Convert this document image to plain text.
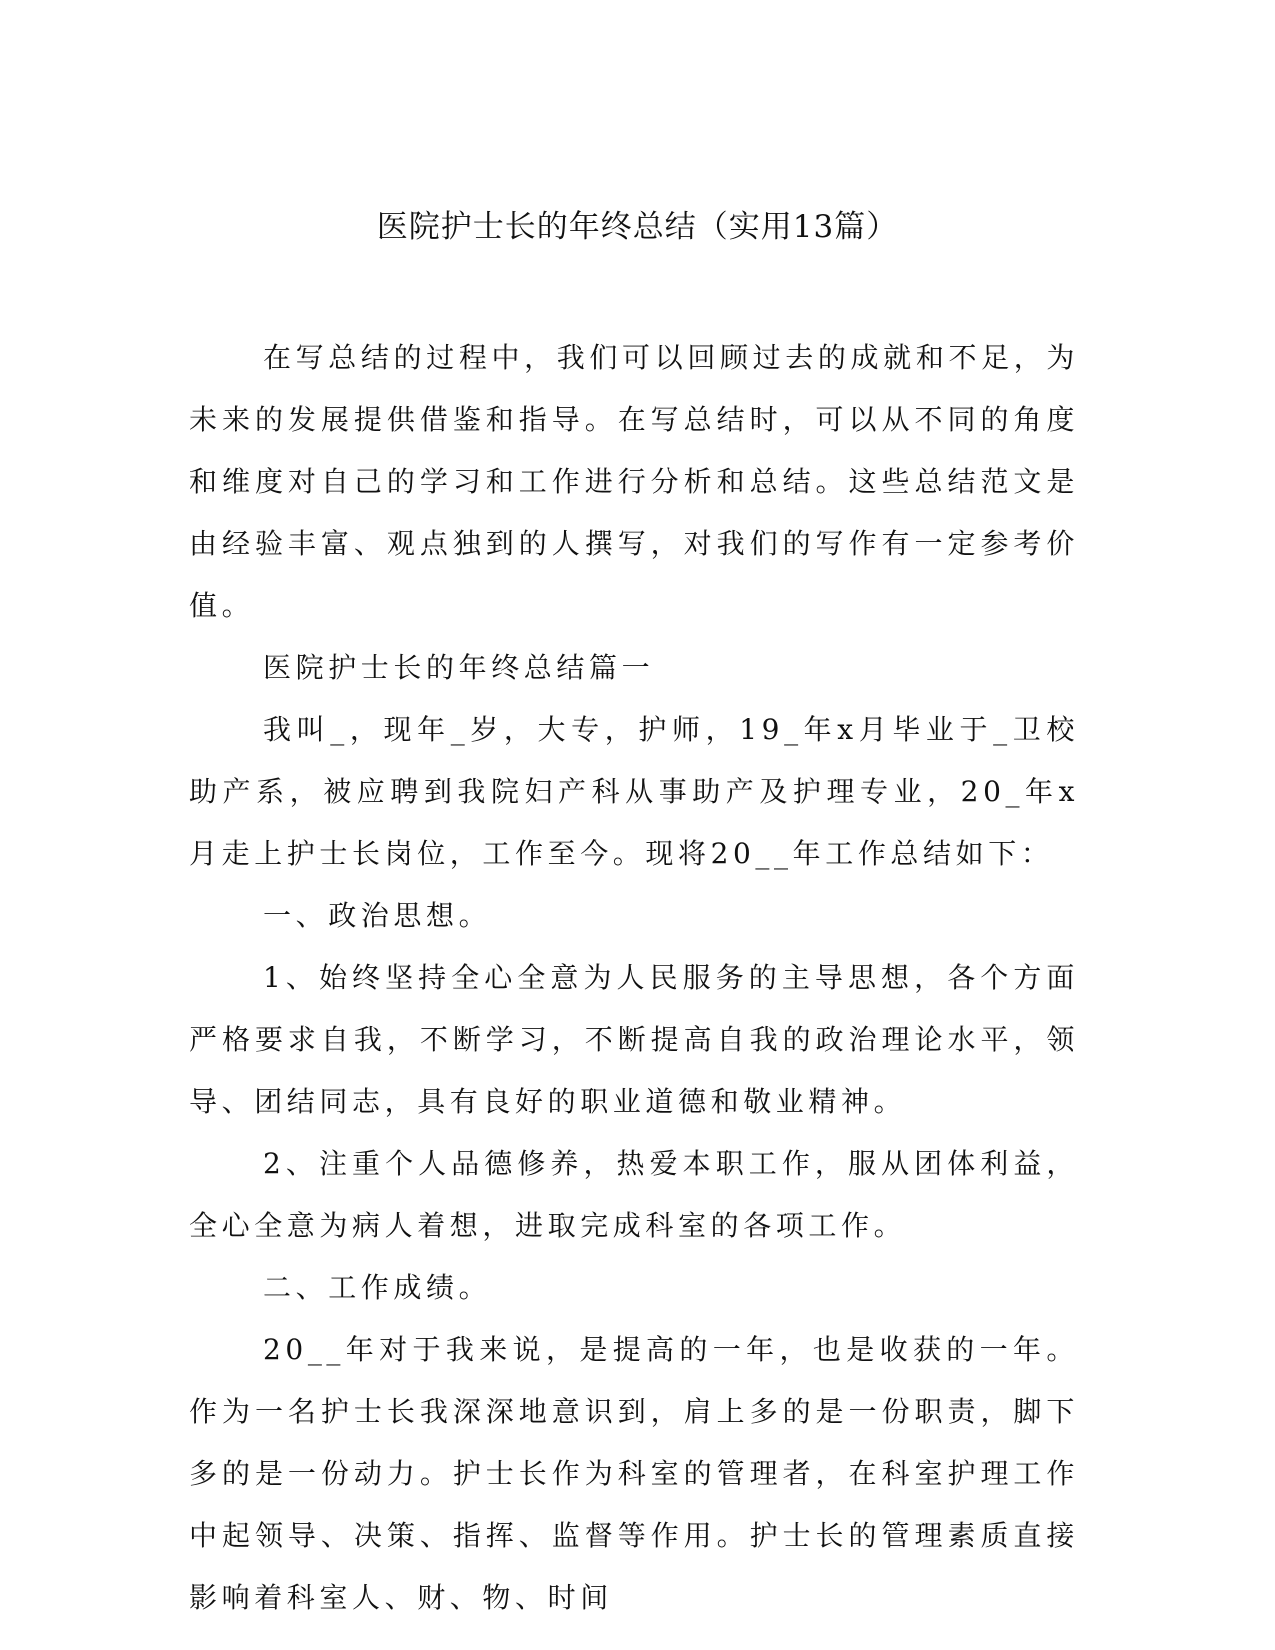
医院护士长的年终总结（实用13篇）

在写总结的过程中，我们可以回顾过去的成就和不足，为未来的发展提供借鉴和指导。在写总结时，可以从不同的角度和维度对自己的学习和工作进行分析和总结。这些总结范文是由经验丰富、观点独到的人撰写，对我们的写作有一定参考价值。

医院护士长的年终总结篇一

我叫_，现年_岁，大专，护师，19_年x月毕业于_卫校助产系，被应聘到我院妇产科从事助产及护理专业，20_年x月走上护士长岗位，工作至今。现将20__年工作总结如下：

一、政治思想。

1、始终坚持全心全意为人民服务的主导思想，各个方面严格要求自我，不断学习，不断提高自我的政治理论水平，领导、团结同志，具有良好的职业道德和敬业精神。

2、注重个人品德修养，热爱本职工作，服从团体利益，全心全意为病人着想，进取完成科室的各项工作。

二、工作成绩。

20__年对于我来说，是提高的一年，也是收获的一年。作为一名护士长我深深地意识到，肩上多的是一份职责，脚下多的是一份动力。护士长作为科室的管理者，在科室护理工作中起领导、决策、指挥、监督等作用。护士长的管理素质直接影响着科室人、财、物、时间
